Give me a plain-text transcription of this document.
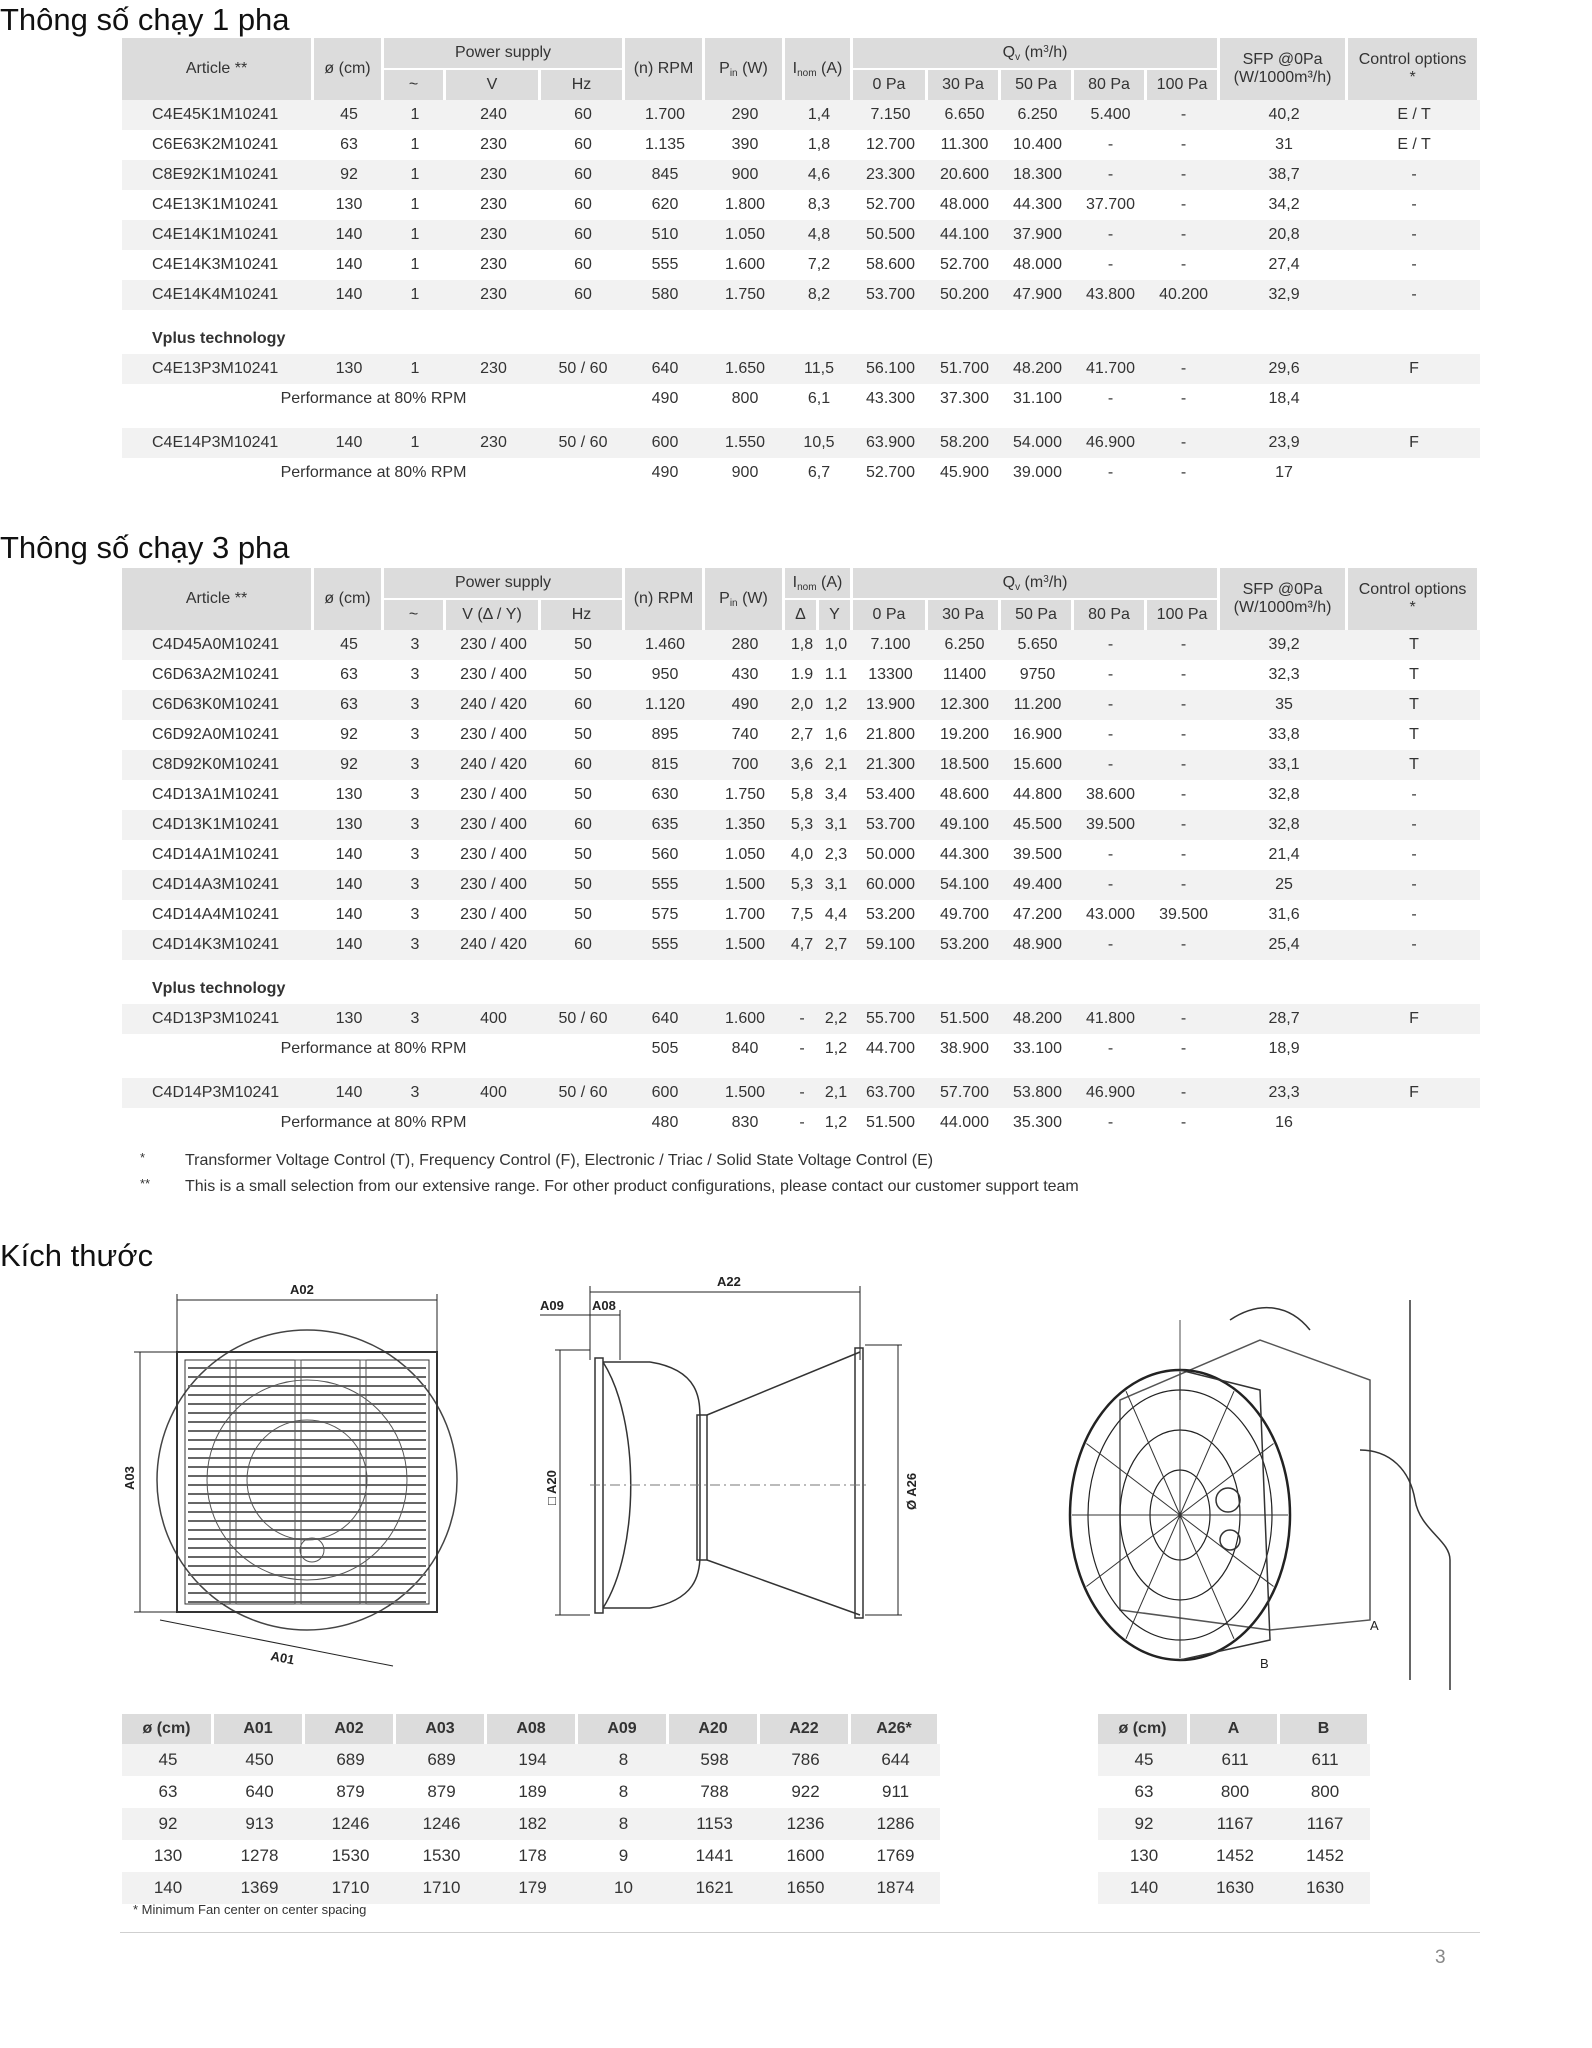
Thông số chạy 1 pha
Thông số chạy 3 pha
Kích thước
Article **	ø (cm)	Power supply			(n) RPM	$P_{in}$ (W)	$I_{nom}$ (A)	$Q_v$ $(m^3/h)$					SFP @0Pa
(W/1000m³/h)	Control options
*
		~	V	Hz				0 Pa	30 Pa	50 Pa	80 Pa	100 Pa		
C4E45K1M10241	45	1	240	60	1.700	290	1,4	7.150	6.650	6.250	5.400	-	40,2	E / T
C6E63K2M10241	63	1	230	60	1.135	390	1,8	12.700	11.300	10.400	-	-	31	E / T
C8E92K1M10241	92	1	230	60	845	900	4,6	23.300	20.600	18.300	-	-	38,7	-
C4E13K1M10241	130	1	230	60	620	1.800	8,3	52.700	48.000	44.300	37.700	-	34,2	-
C4E14K1M10241	140	1	230	60	510	1.050	4,8	50.500	44.100	37.900	-	-	20,8	-
C4E14K3M10241	140	1	230	60	555	1.600	7,2	58.600	52.700	48.000	-	-	27,4	-
C4E14K4M10241	140	1	230	60	580	1.750	8,2	53.700	50.200	47.900	43.800	40.200	32,9	-

Vplus technology														
C4E13P3M10241	130	1	230	50 / 60	640	1.650	11,5	56.100	51.700	48.200	41.700	-	29,6	F
Performance at 80% RPM					490	800	6,1	43.300	37.300	31.100	-	-	18,4	

C4E14P3M10241	140	1	230	50 / 60	600	1.550	10,5	63.900	58.200	54.000	46.900	-	23,9	F
Performance at 80% RPM					490	900	6,7	52.700	45.900	39.000	-	-	17	
Article **	ø (cm)	Power supply			(n) RPM	$P_{in}$ (W)	$I_{nom}$ (A)		$Q_v$ $(m^3/h)$					SFP @0Pa
(W/1000m³/h)	Control options
*
		~	V (Δ / Y)	Hz			Δ	Y	0 Pa	30 Pa	50 Pa	80 Pa	100 Pa		
C4D45A0M10241	45	3	230 / 400	50	1.460	280	1,8	1,0	7.100	6.250	5.650	-	-	39,2	T
C6D63A2M10241	63	3	230 / 400	50	950	430	1.9	1.1	13300	11400	9750	-	-	32,3	T
C6D63K0M10241	63	3	240 / 420	60	1.120	490	2,0	1,2	13.900	12.300	11.200	-	-	35	T
C6D92A0M10241	92	3	230 / 400	50	895	740	2,7	1,6	21.800	19.200	16.900	-	-	33,8	T
C8D92K0M10241	92	3	240 / 420	60	815	700	3,6	2,1	21.300	18.500	15.600	-	-	33,1	T
C4D13A1M10241	130	3	230 / 400	50	630	1.750	5,8	3,4	53.400	48.600	44.800	38.600	-	32,8	-
C4D13K1M10241	130	3	230 / 400	60	635	1.350	5,3	3,1	53.700	49.100	45.500	39.500	-	32,8	-
C4D14A1M10241	140	3	230 / 400	50	560	1.050	4,0	2,3	50.000	44.300	39.500	-	-	21,4	-
C4D14A3M10241	140	3	230 / 400	50	555	1.500	5,3	3,1	60.000	54.100	49.400	-	-	25	-
C4D14A4M10241	140	3	230 / 400	50	575	1.700	7,5	4,4	53.200	49.700	47.200	43.000	39.500	31,6	-
C4D14K3M10241	140	3	240 / 420	60	555	1.500	4,7	2,7	59.100	53.200	48.900	-	-	25,4	-

Vplus technology															
C4D13P3M10241	130	3	400	50 / 60	640	1.600	-	2,2	55.700	51.500	48.200	41.800	-	28,7	F
Performance at 80% RPM					505	840	-	1,2	44.700	38.900	33.100	-	-	18,9	

C4D14P3M10241	140	3	400	50 / 60	600	1.500	-	2,1	63.700	57.700	53.800	46.900	-	23,3	F
Performance at 80% RPM					480	830	-	1,2	51.500	44.000	35.300	-	-	16	
* Transformer Voltage Control (T), Frequency Control (F), Electronic / Triac / Solid State Voltage Control (E)
** This is a small selection from our extensive range. For other product configurations, please contact our customer support team
A02
A03
A01
A22
A09 A08
□ A20	Ø A26
A
B
ø (cm)	A01	A02	A03	A08	A09	A20	A22	A26*
45	450	689	689	194	8	598	786	644
63	640	879	879	189	8	788	922	911
92	913	1246	1246	182	8	1153	1236	1286
130	1278	1530	1530	178	9	1441	1600	1769
140	1369	1710	1710	179	10	1621	1650	1874
ø (cm)	A	B
45	611	611
63	800	800
92	1167	1167
130	1452	1452
140	1630	1630
* Minimum Fan center on center spacing
3
